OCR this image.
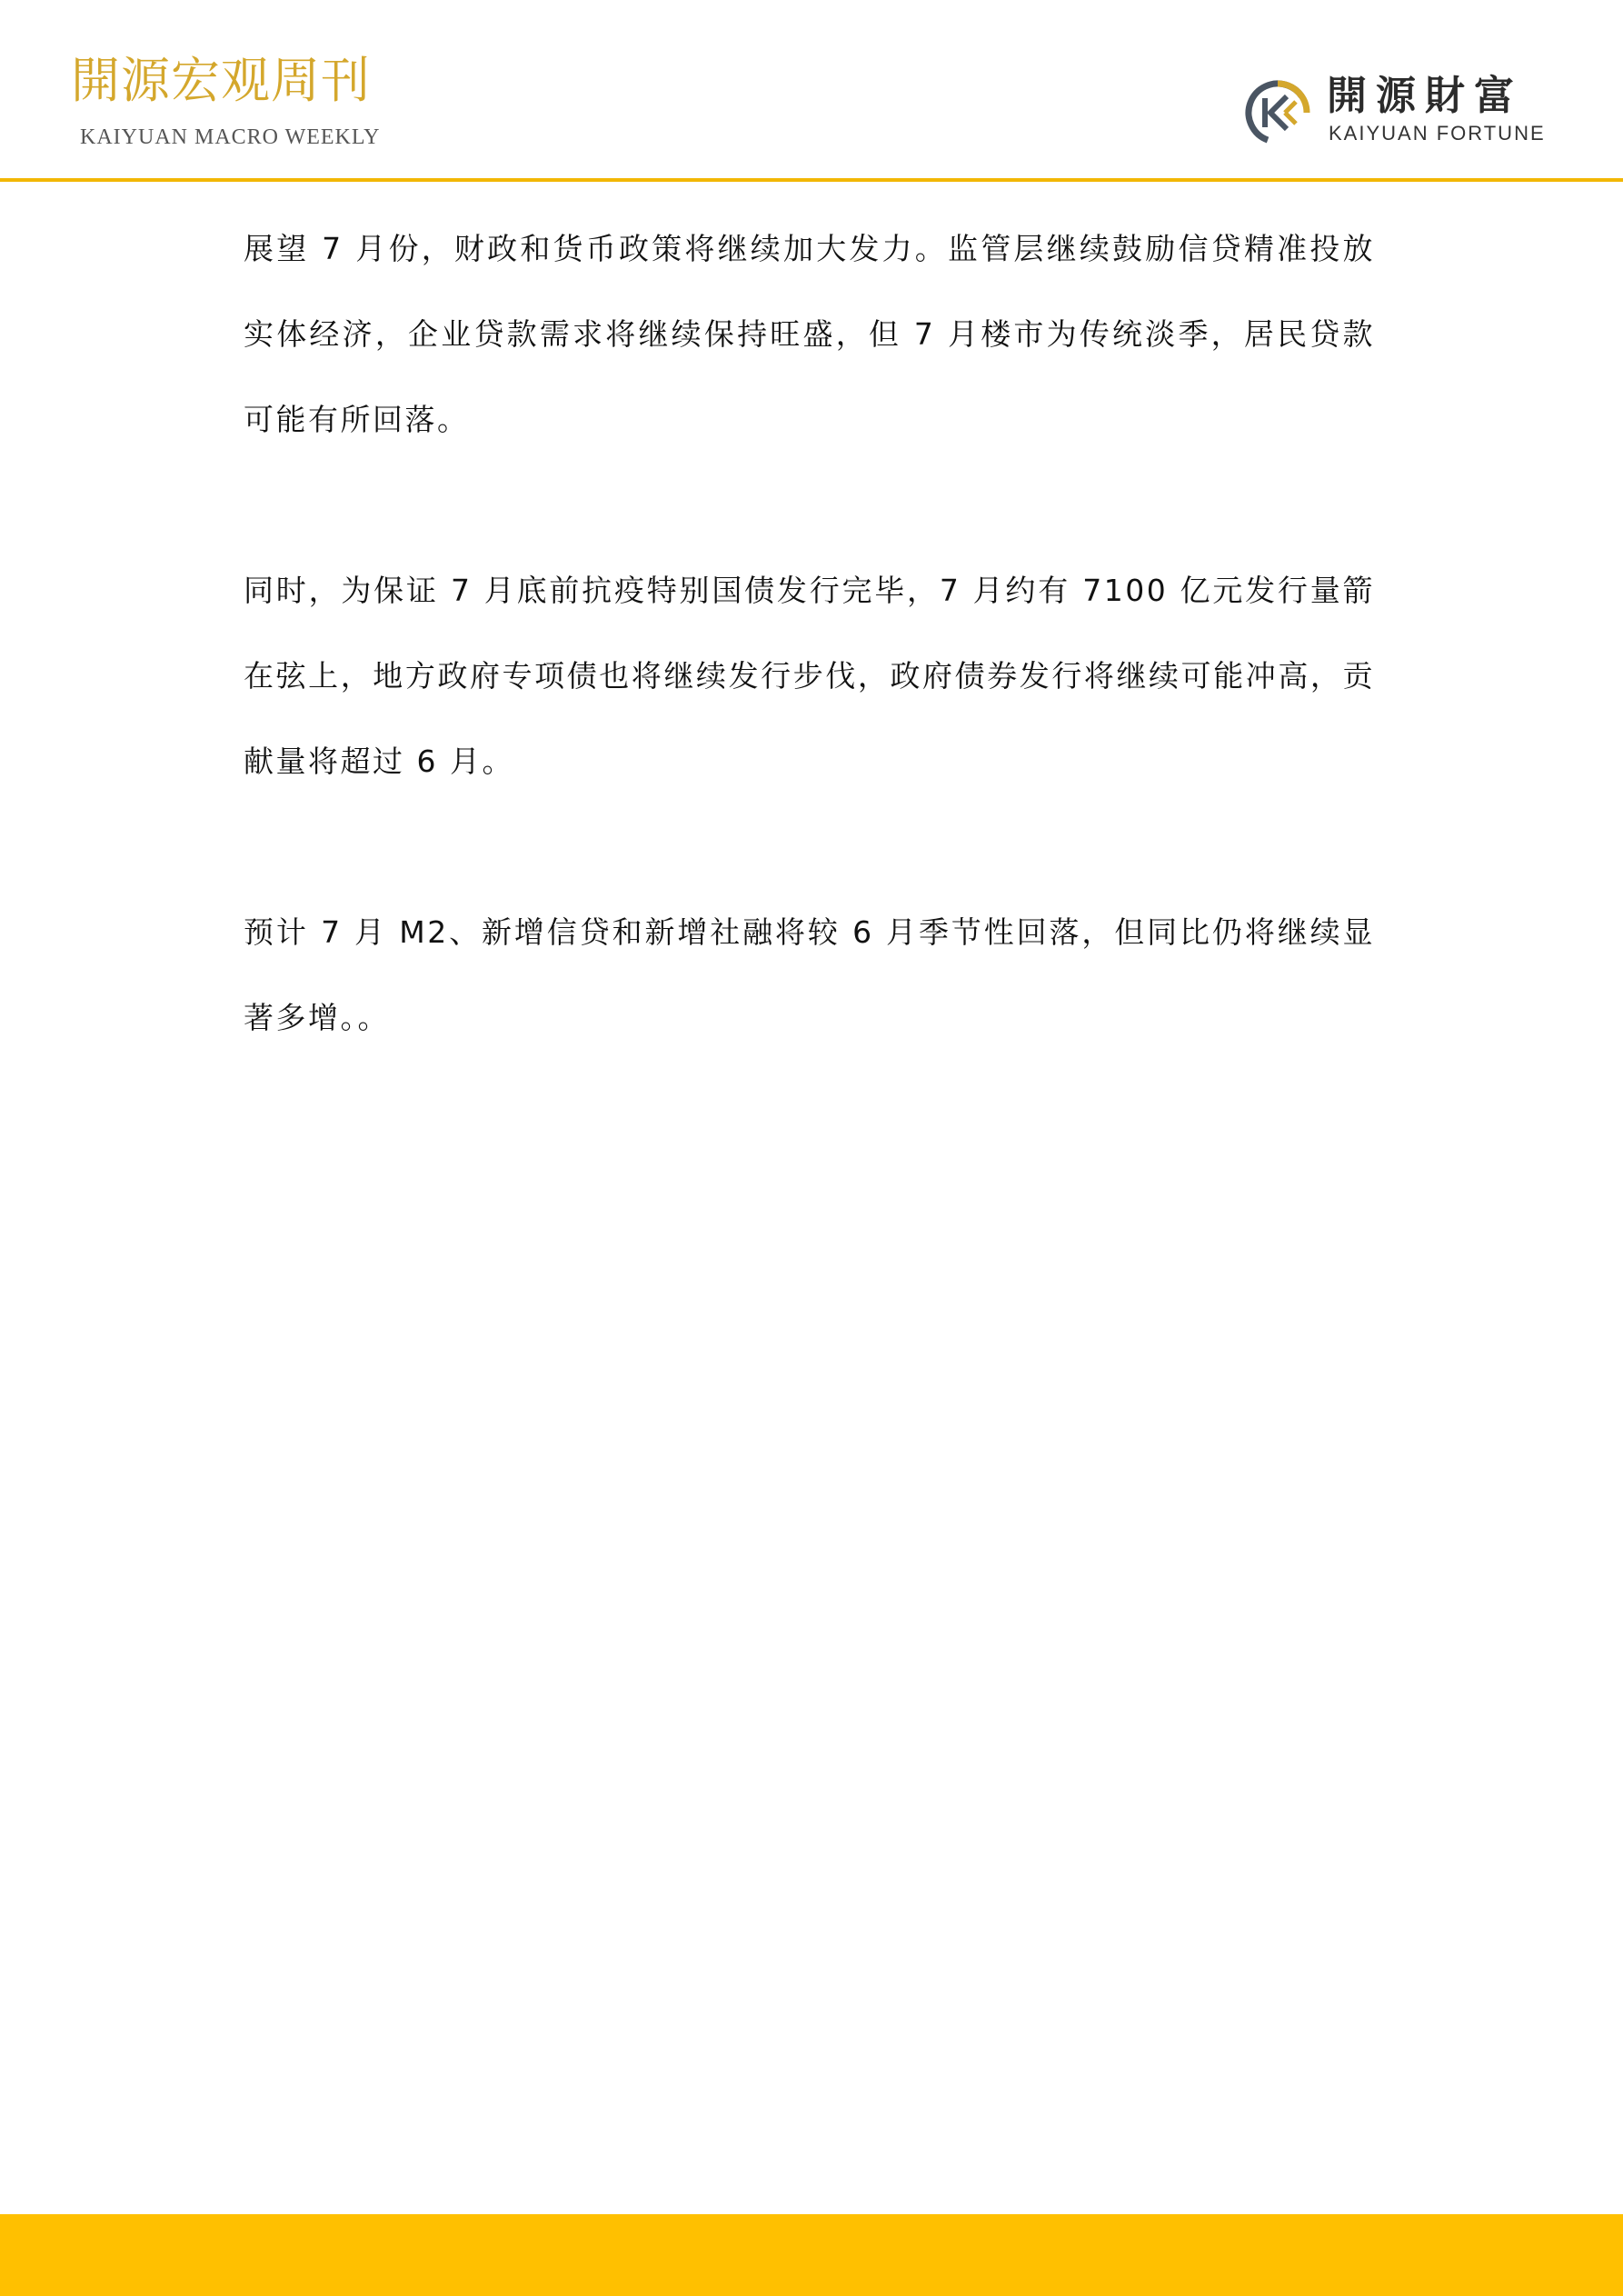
開源宏观周刊
KAIYUAN MACRO WEEKLY
開源財富
KAIYUAN FORTUNE

展望 7 月份，财政和货币政策将继续加大发力。监管层继续鼓励信贷精准投放实体经济，企业贷款需求将继续保持旺盛，但 7 月楼市为传统淡季，居民贷款可能有所回落。

同时，为保证 7 月底前抗疫特别国债发行完毕，7 月约有 7100 亿元发行量箭在弦上，地方政府专项债也将继续发行步伐，政府债券发行将继续可能冲高，贡献量将超过 6 月。

预计 7 月 M2、新增信贷和新增社融将较 6 月季节性回落，但同比仍将继续显著多增。。
